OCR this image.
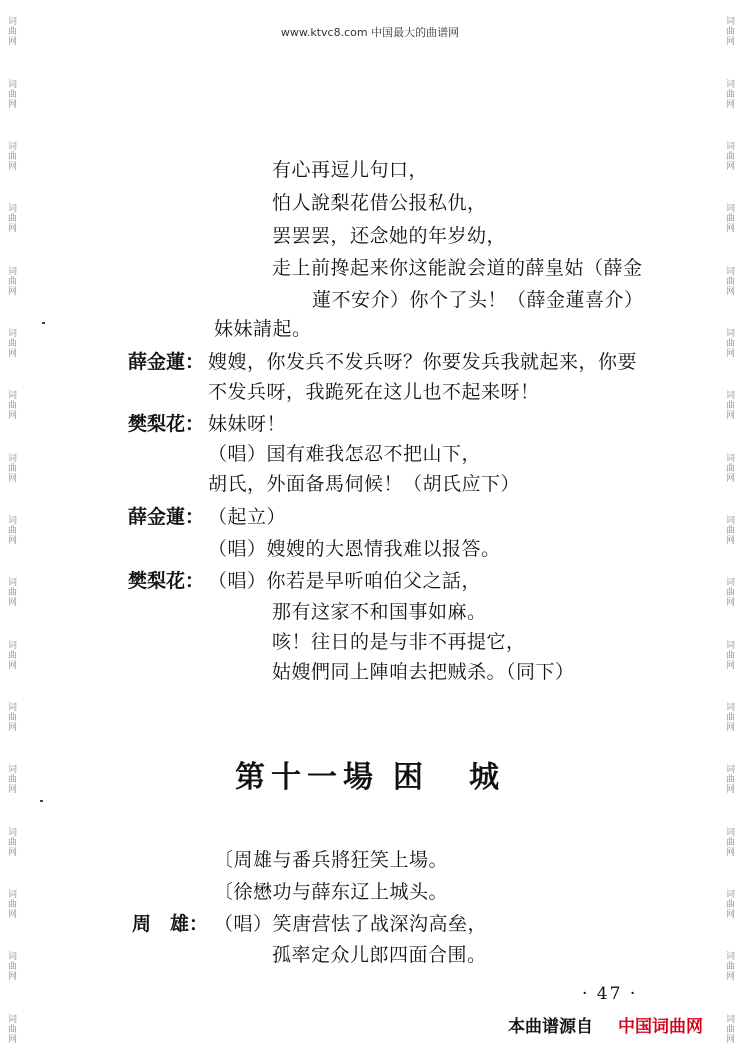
词曲网
词曲网
词曲网
词曲网
词曲网
词曲网
词曲网
词曲网
词曲网
词曲网
词曲网
词曲网
词曲网
词曲网
词曲网
词曲网
词曲网
词曲网
词曲网
词曲网
词曲网
词曲网
词曲网
词曲网
词曲网
词曲网
词曲网
词曲网
词曲网
词曲网
词曲网
词曲网
词曲网
词曲网
www.ktvc8.com 中国最大的曲谱网
有心再逗儿句口，
怕人說梨花借公报私仇，
罢罢罢，还念她的年岁幼，
走上前搀起来你这能說会道的薛皇姑（薛金
蓮不安介）你个了头！（薛金蓮喜介）
妹妹請起。
薛金蓮： 嫂嫂，你发兵不发兵呀？你要发兵我就起来，你要
不发兵呀，我跪死在这儿也不起来呀！
樊梨花： 妹妹呀！
（唱）国有难我怎忍不把山下，
胡氏，外面备馬伺候！（胡氏应下）
薛金蓮： （起立）
（唱）嫂嫂的大恩情我难以报答。
樊梨花： （唱）你若是早听咱伯父之話，
那有这家不和国事如麻。
咳！往日的是与非不再提它，
姑嫂們同上陣咱去把贼杀。（同下）
第十一場 困 城
〔周雄与番兵將狂笑上場。
〔徐懋功与薛东辽上城头。
周　雄： （唱）笑唐营怯了战深沟高垒，
孤率定众儿郎四面合围。
· 47 ·
本曲谱源自 中国词曲网
